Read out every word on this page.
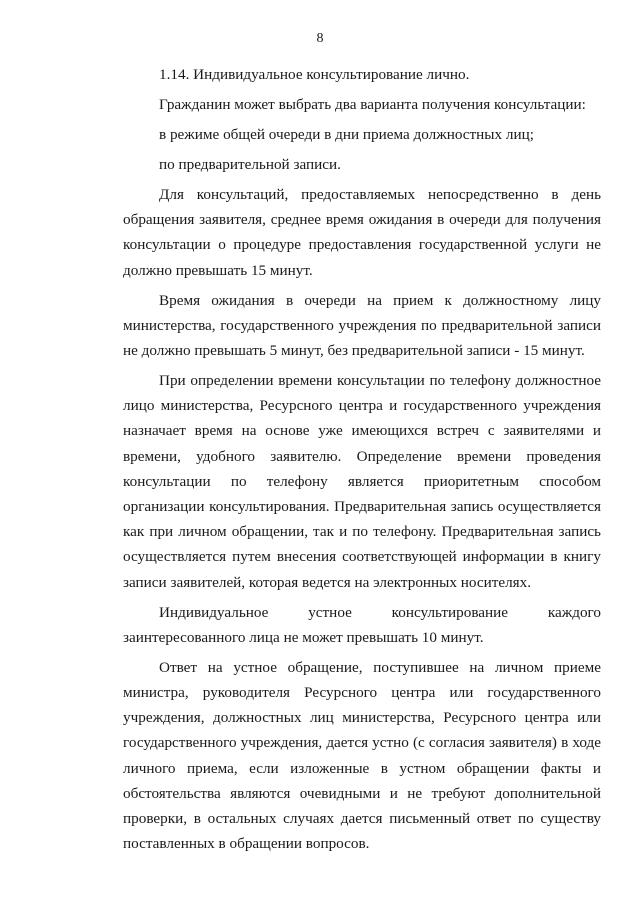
8

1.14. Индивидуальное консультирование лично.

Гражданин может выбрать два варианта получения консультации:

в режиме общей очереди в дни приема должностных лиц;

по предварительной записи.

Для консультаций, предоставляемых непосредственно в день обращения заявителя, среднее время ожидания в очереди для получения консультации о процедуре предоставления государственной услуги не должно превышать 15 минут.

Время ожидания в очереди на прием к должностному лицу министерства, государственного учреждения по предварительной записи не должно превышать 5 минут, без предварительной записи - 15 минут.

При определении времени консультации по телефону должностное лицо министерства, Ресурсного центра и государственного учреждения назначает время на основе уже имеющихся встреч с заявителями и времени, удобного заявителю. Определение времени проведения консультации по телефону является приоритетным способом организации консультирования. Предварительная запись осуществляется как при личном обращении, так и по телефону. Предварительная запись осуществляется путем внесения соответствующей информации в книгу записи заявителей, которая ведется на электронных носителях.

Индивидуальное устное консультирование каждого заинтересованного лица не может превышать 10 минут.

Ответ на устное обращение, поступившее на личном приеме министра, руководителя Ресурсного центра или государственного учреждения, должностных лиц министерства, Ресурсного центра или государственного учреждения, дается устно (с согласия заявителя) в ходе личного приема, если изложенные в устном обращении факты и обстоятельства являются очевидными и не требуют дополнительной проверки, в остальных случаях дается письменный ответ по существу поставленных в обращении вопросов.
